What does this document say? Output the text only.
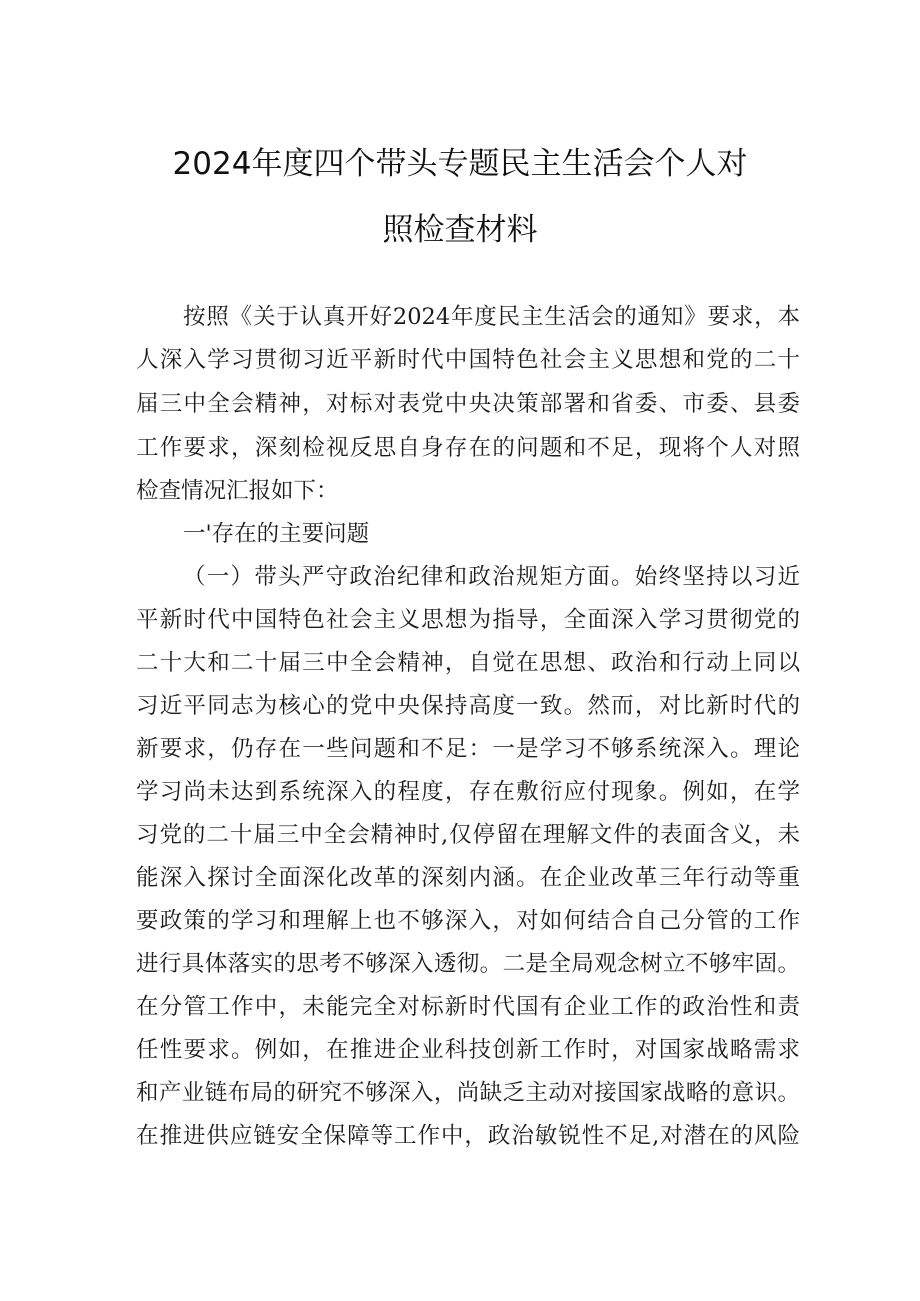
2024年度四个带头专题民主生活会个人对
照检查材料
按照《关于认真开好2024年度民主生活会的通知》要求，本
人深入学习贯彻习近平新时代中国特色社会主义思想和党的二十
届三中全会精神，对标对表党中央决策部署和省委、市委、县委
工作要求，深刻检视反思自身存在的问题和不足，现将个人对照
检查情况汇报如下：
一'存在的主要问题
（一）带头严守政治纪律和政治规矩方面。始终坚持以习近
平新时代中国特色社会主义思想为指导，全面深入学习贯彻党的
二十大和二十届三中全会精神，自觉在思想、政治和行动上同以
习近平同志为核心的党中央保持高度一致。然而，对比新时代的
新要求，仍存在一些问题和不足：一是学习不够系统深入。理论
学习尚未达到系统深入的程度，存在敷衍应付现象。例如，在学
习党的二十届三中全会精神时,仅停留在理解文件的表面含义，未
能深入探讨全面深化改革的深刻内涵。在企业改革三年行动等重
要政策的学习和理解上也不够深入，对如何结合自己分管的工作
进行具体落实的思考不够深入透彻。二是全局观念树立不够牢固。
在分管工作中，未能完全对标新时代国有企业工作的政治性和责
任性要求。例如，在推进企业科技创新工作时，对国家战略需求
和产业链布局的研究不够深入，尚缺乏主动对接国家战略的意识。
在推进供应链安全保障等工作中，政治敏锐性不足,对潜在的风险
